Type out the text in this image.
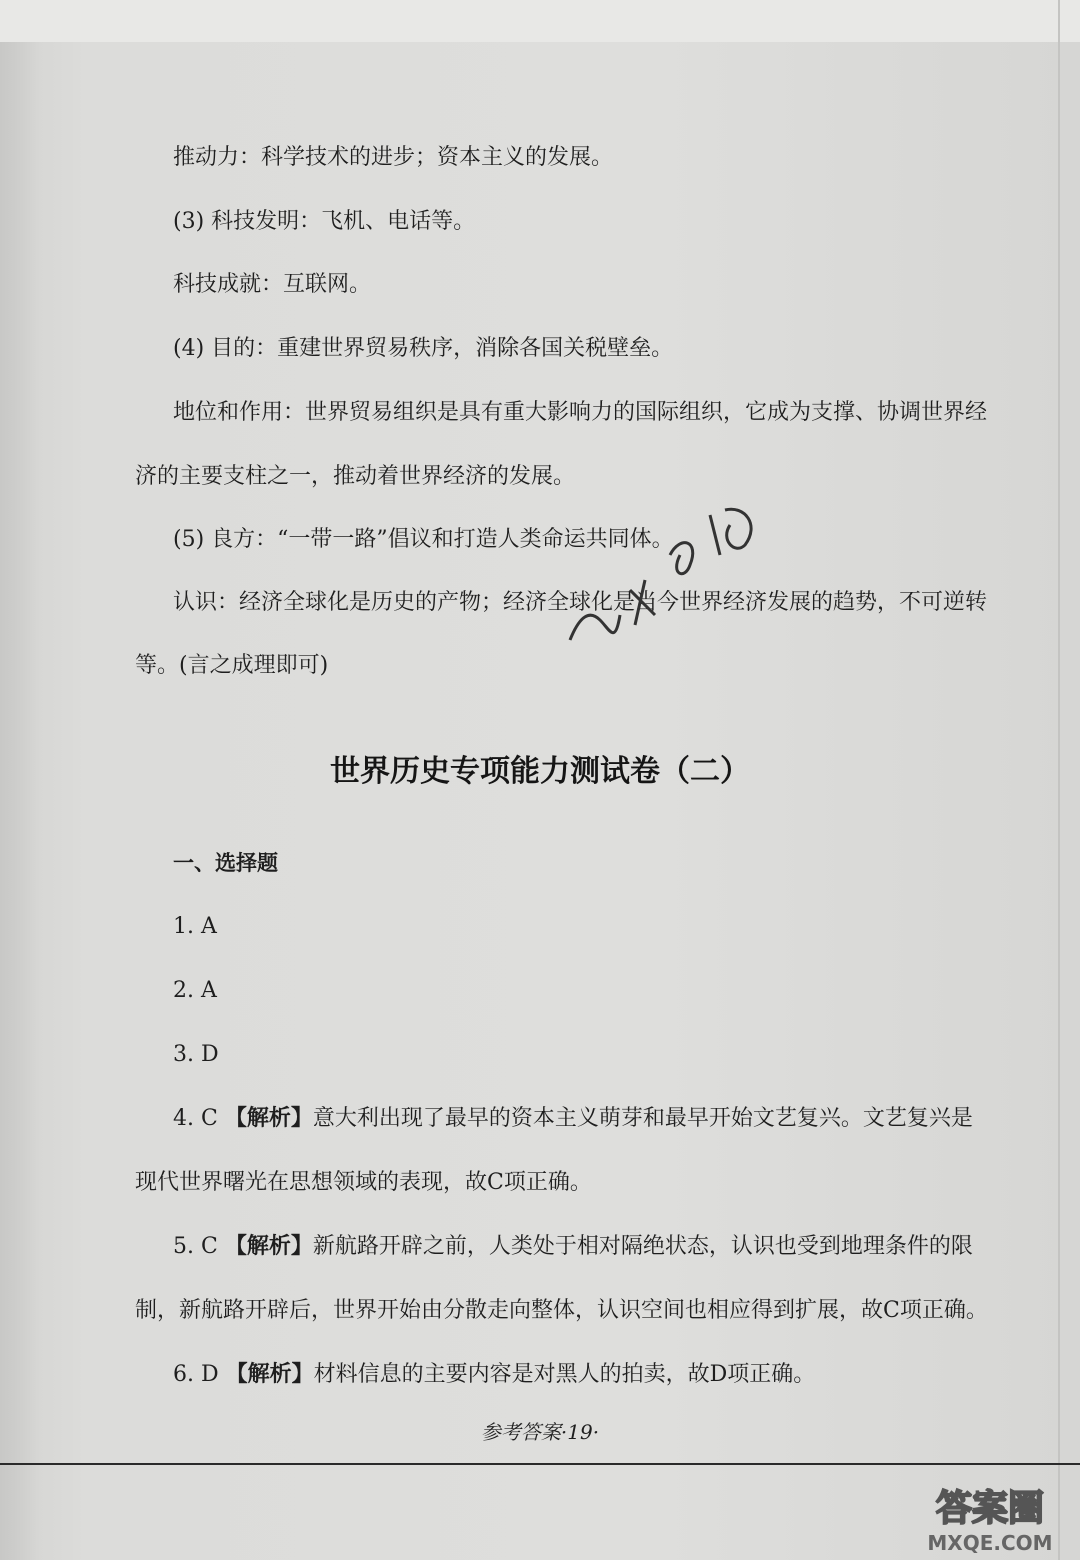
推动力：科学技术的进步；资本主义的发展。
(3) 科技发明：飞机、电话等。
科技成就：互联网。
(4) 目的：重建世界贸易秩序，消除各国关税壁垒。
地位和作用：世界贸易组织是具有重大影响力的国际组织，它成为支撑、协调世界经
济的主要支柱之一，推动着世界经济的发展。
(5) 良方：“一带一路”倡议和打造人类命运共同体。
认识：经济全球化是历史的产物；经济全球化是当今世界经济发展的趋势，不可逆转
等。(言之成理即可)
世界历史专项能力测试卷（二）
一、选择题
1. A
2. A
3. D
4. C 【解析】意大利出现了最早的资本主义萌芽和最早开始文艺复兴。文艺复兴是
现代世界曙光在思想领域的表现，故C项正确。
5. C 【解析】新航路开辟之前，人类处于相对隔绝状态，认识也受到地理条件的限
制，新航路开辟后，世界开始由分散走向整体，认识空间也相应得到扩展，故C项正确。
6. D 【解析】材料信息的主要内容是对黑人的拍卖，故D项正确。
参考答案·19·
答案圈
MXQE.COM
